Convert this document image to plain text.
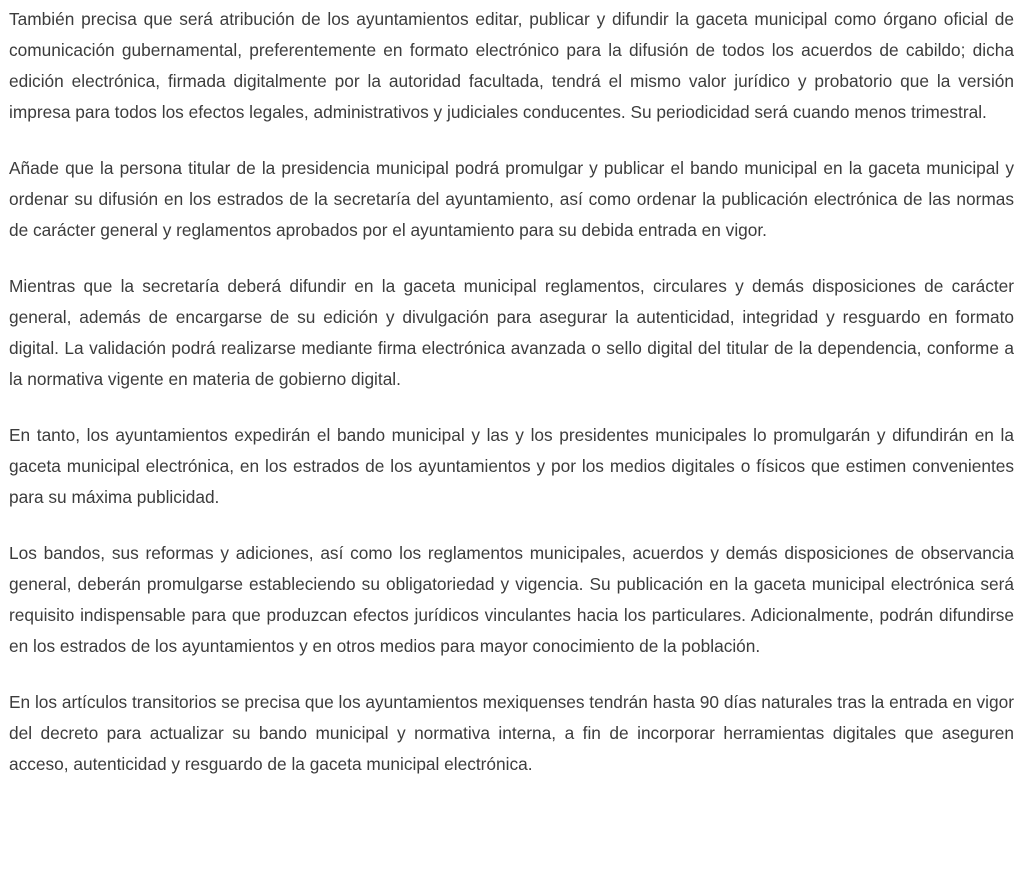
También precisa que será atribución de los ayuntamientos editar, publicar y difundir la gaceta municipal como órgano oficial de comunicación gubernamental, preferentemente en formato electrónico para la difusión de todos los acuerdos de cabildo; dicha edición electrónica, firmada digitalmente por la autoridad facultada, tendrá el mismo valor jurídico y probatorio que la versión impresa para todos los efectos legales, administrativos y judiciales conducentes. Su periodicidad será cuando menos trimestral.

Añade que la persona titular de la presidencia municipal podrá promulgar y publicar el bando municipal en la gaceta municipal y ordenar su difusión en los estrados de la secretaría del ayuntamiento, así como ordenar la publicación electrónica de las normas de carácter general y reglamentos aprobados por el ayuntamiento para su debida entrada en vigor.

Mientras que la secretaría deberá difundir en la gaceta municipal reglamentos, circulares y demás disposiciones de carácter general, además de encargarse de su edición y divulgación para asegurar la autenticidad, integridad y resguardo en formato digital. La validación podrá realizarse mediante firma electrónica avanzada o sello digital del titular de la dependencia, conforme a la normativa vigente en materia de gobierno digital.

En tanto, los ayuntamientos expedirán el bando municipal y las y los presidentes municipales lo promulgarán y difundirán en la gaceta municipal electrónica, en los estrados de los ayuntamientos y por los medios digitales o físicos que estimen convenientes para su máxima publicidad.

Los bandos, sus reformas y adiciones, así como los reglamentos municipales, acuerdos y demás disposiciones de observancia general, deberán promulgarse estableciendo su obligatoriedad y vigencia. Su publicación en la gaceta municipal electrónica será requisito indispensable para que produzcan efectos jurídicos vinculantes hacia los particulares. Adicionalmente, podrán difundirse en los estrados de los ayuntamientos y en otros medios para mayor conocimiento de la población.

En los artículos transitorios se precisa que los ayuntamientos mexiquenses tendrán hasta 90 días naturales tras la entrada en vigor del decreto para actualizar su bando municipal y normativa interna, a fin de incorporar herramientas digitales que aseguren acceso, autenticidad y resguardo de la gaceta municipal electrónica.
